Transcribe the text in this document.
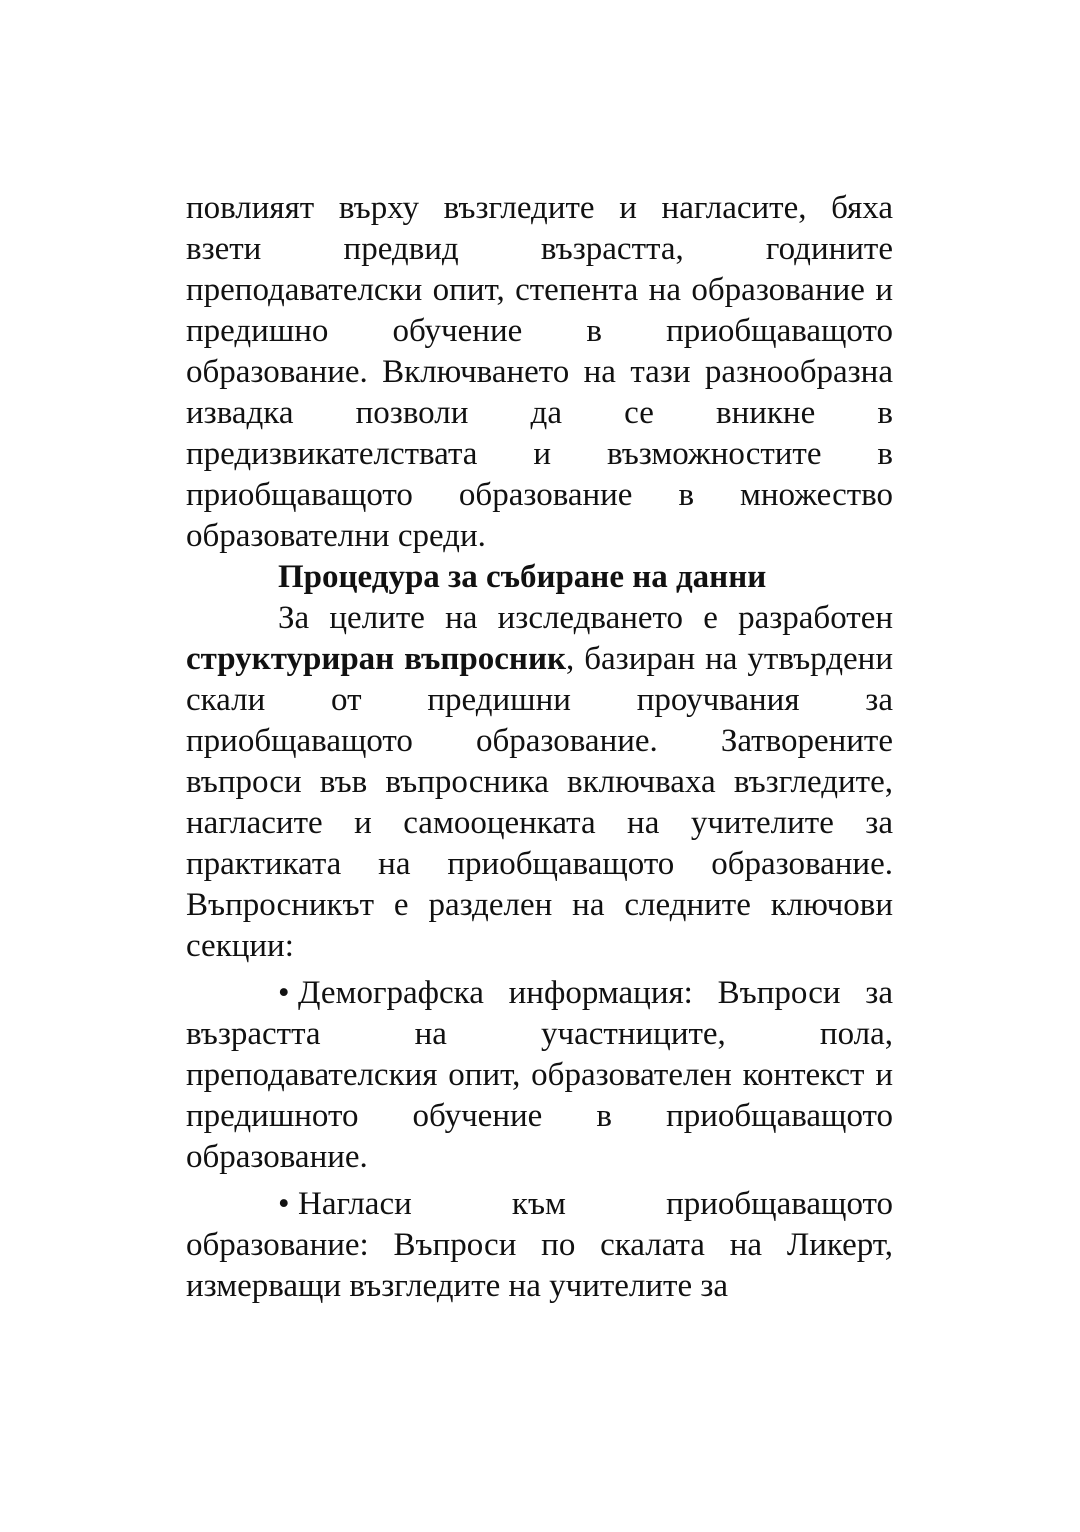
повлияят върху възгледите и нагласите, бяха взети предвид възрастта, годините преподавателски опит, степента на образование и предишно обучение в приобщаващото образование. Включването на тази разнообразна извадка позволи да се вникне в предизвикателствата и възможностите в приобщаващото образование в множество образователни среди.

Процедура за събиране на данни

За целите на изследването е разработен структуриран въпросник, базиран на утвърдени скали от предишни проучвания за приобщаващото образование. Затворените въпроси във въпросника включваха възгледите, нагласите и самооценката на учителите за практиката на приобщаващото образование. Въпросникът е разделен на следните ключови секции:

• Демографска информация: Въпроси за възрастта на участниците, пола, преподавателския опит, образователен контекст и предишното обучение в приобщаващото образование.

• Нагласи към приобщаващото образование: Въпроси по скалата на Ликерт, измерващи възгледите на учителите за
